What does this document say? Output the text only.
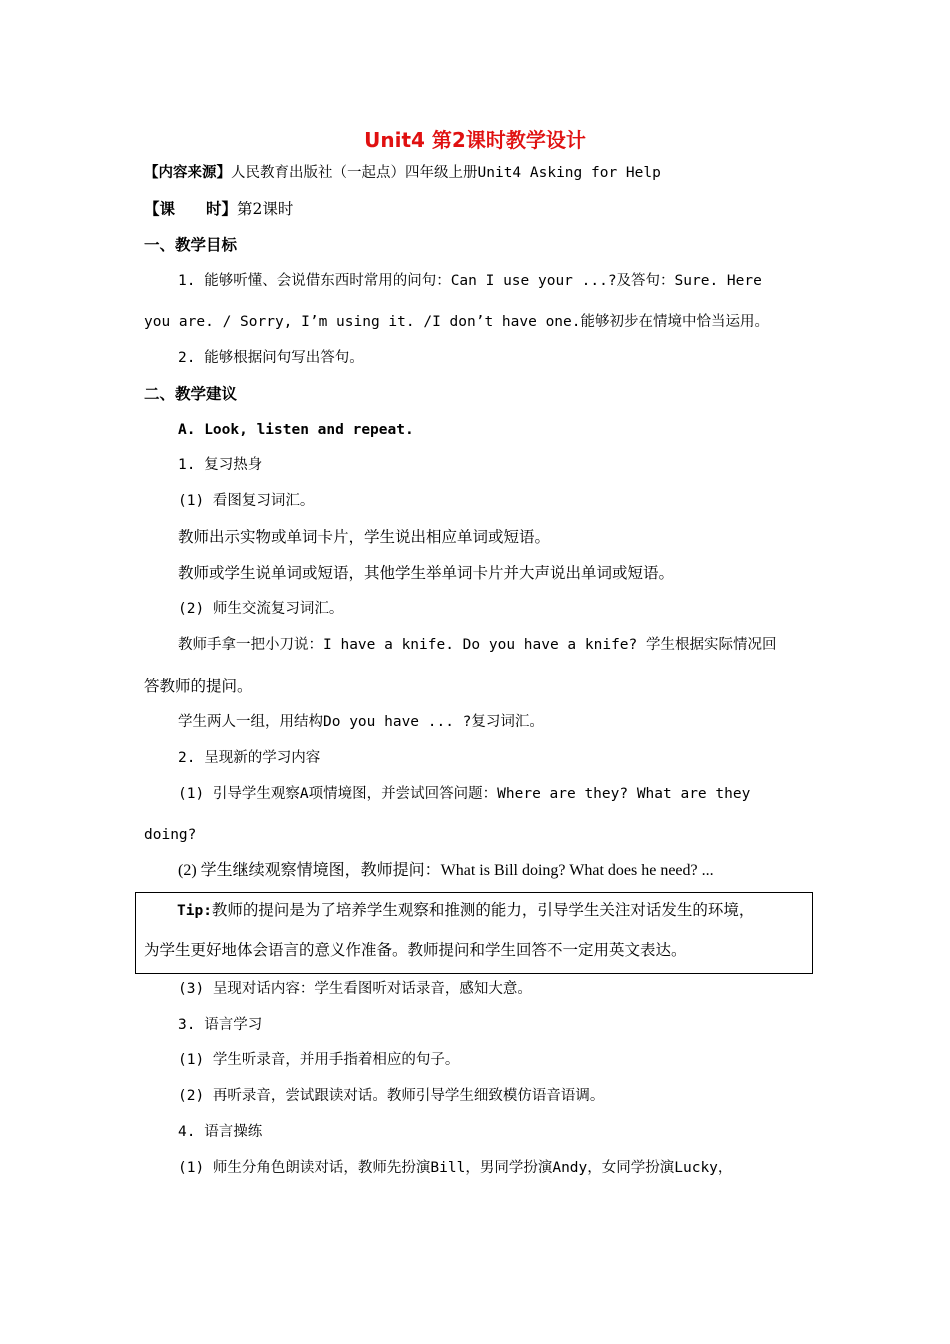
Unit4 第2课时教学设计
【内容来源】人民教育出版社（一起点）四年级上册Unit4 Asking for Help
【课　　时】第2课时
一、教学目标
1. 能够听懂、会说借东西时常用的问句：Can I use your ...?及答句：Sure. Here
you are. / Sorry, I’m using it. /I don’t have one.能够初步在情境中恰当运用。
2. 能够根据问句写出答句。
二、教学建议
A. Look, listen and repeat.
1. 复习热身
(1) 看图复习词汇。
教师出示实物或单词卡片，学生说出相应单词或短语。
教师或学生说单词或短语，其他学生举单词卡片并大声说出单词或短语。
(2) 师生交流复习词汇。
教师手拿一把小刀说：I have a knife. Do you have a knife? 学生根据实际情况回
答教师的提问。
学生两人一组，用结构Do you have ... ?复习词汇。
2. 呈现新的学习内容
(1) 引导学生观察A项情境图，并尝试回答问题：Where are they? What are they
doing?
(2) 学生继续观察情境图，教师提问：What is Bill doing? What does he need? ...
Tip:教师的提问是为了培养学生观察和推测的能力，引导学生关注对话发生的环境，
为学生更好地体会语言的意义作准备。教师提问和学生回答不一定用英文表达。
(3) 呈现对话内容：学生看图听对话录音，感知大意。
3. 语言学习
(1) 学生听录音，并用手指着相应的句子。
(2) 再听录音，尝试跟读对话。教师引导学生细致模仿语音语调。
4. 语言操练
(1) 师生分角色朗读对话，教师先扮演Bill，男同学扮演Andy，女同学扮演Lucky，
